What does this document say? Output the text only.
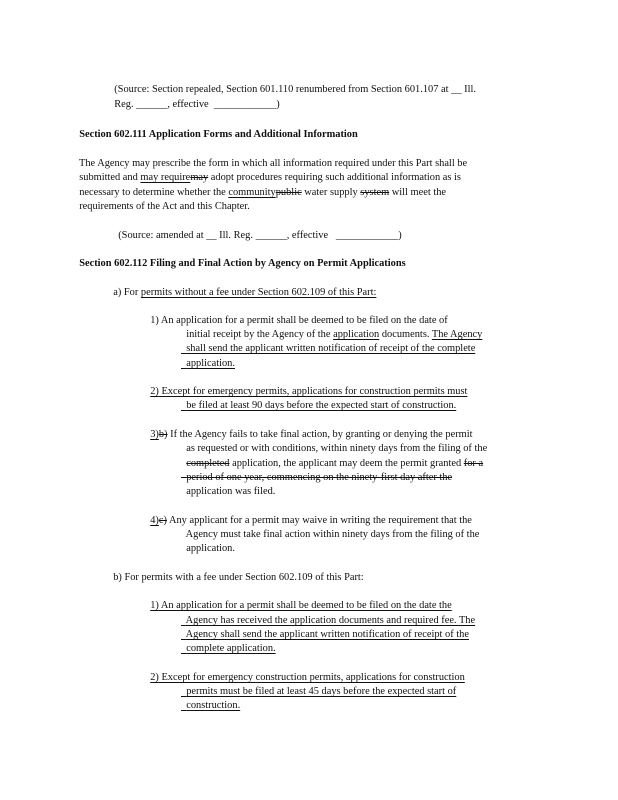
(Source: Section repealed, Section 601.110 renumbered from Section 601.107 at __ Ill.

Reg. ______, effective ____________)

Section 602.111 Application Forms and Additional Information

The Agency may prescribe the form in which all information required under this Part shall be

submitted and may requiremay adopt procedures requiring such additional information as is

necessary to determine whether the communitypublic water supply system will meet the

requirements of the Act and this Chapter.

(Source: amended at __ Ill. Reg. ______, effective   ____________)

Section 602.112 Filing and Final Action by Agency on Permit Applications

a) For permits without a fee under Section 602.109 of this Part:

1) An application for a permit shall be deemed to be filed on the date of

initial receipt by the Agency of the application documents. The Agency

shall send the applicant written notification of receipt of the complete

application.

2) Except for emergency permits, applications for construction permits must

be filed at least 90 days before the expected start of construction.

3)b) If the Agency fails to take final action, by granting or denying the permit

as requested or with conditions, within ninety days from the filing of the

completed application, the applicant may deem the permit granted for a

period of one year, commencing on the ninety-first day after the

application was filed.

4)c) Any applicant for a permit may waive in writing the requirement that the

Agency must take final action within ninety days from the filing of the

application.

b) For permits with a fee under Section 602.109 of this Part:

1) An application for a permit shall be deemed to be filed on the date the

Agency has received the application documents and required fee. The

Agency shall send the applicant written notification of receipt of the

complete application.

2) Except for emergency construction permits, applications for construction

permits must be filed at least 45 days before the expected start of

construction.
